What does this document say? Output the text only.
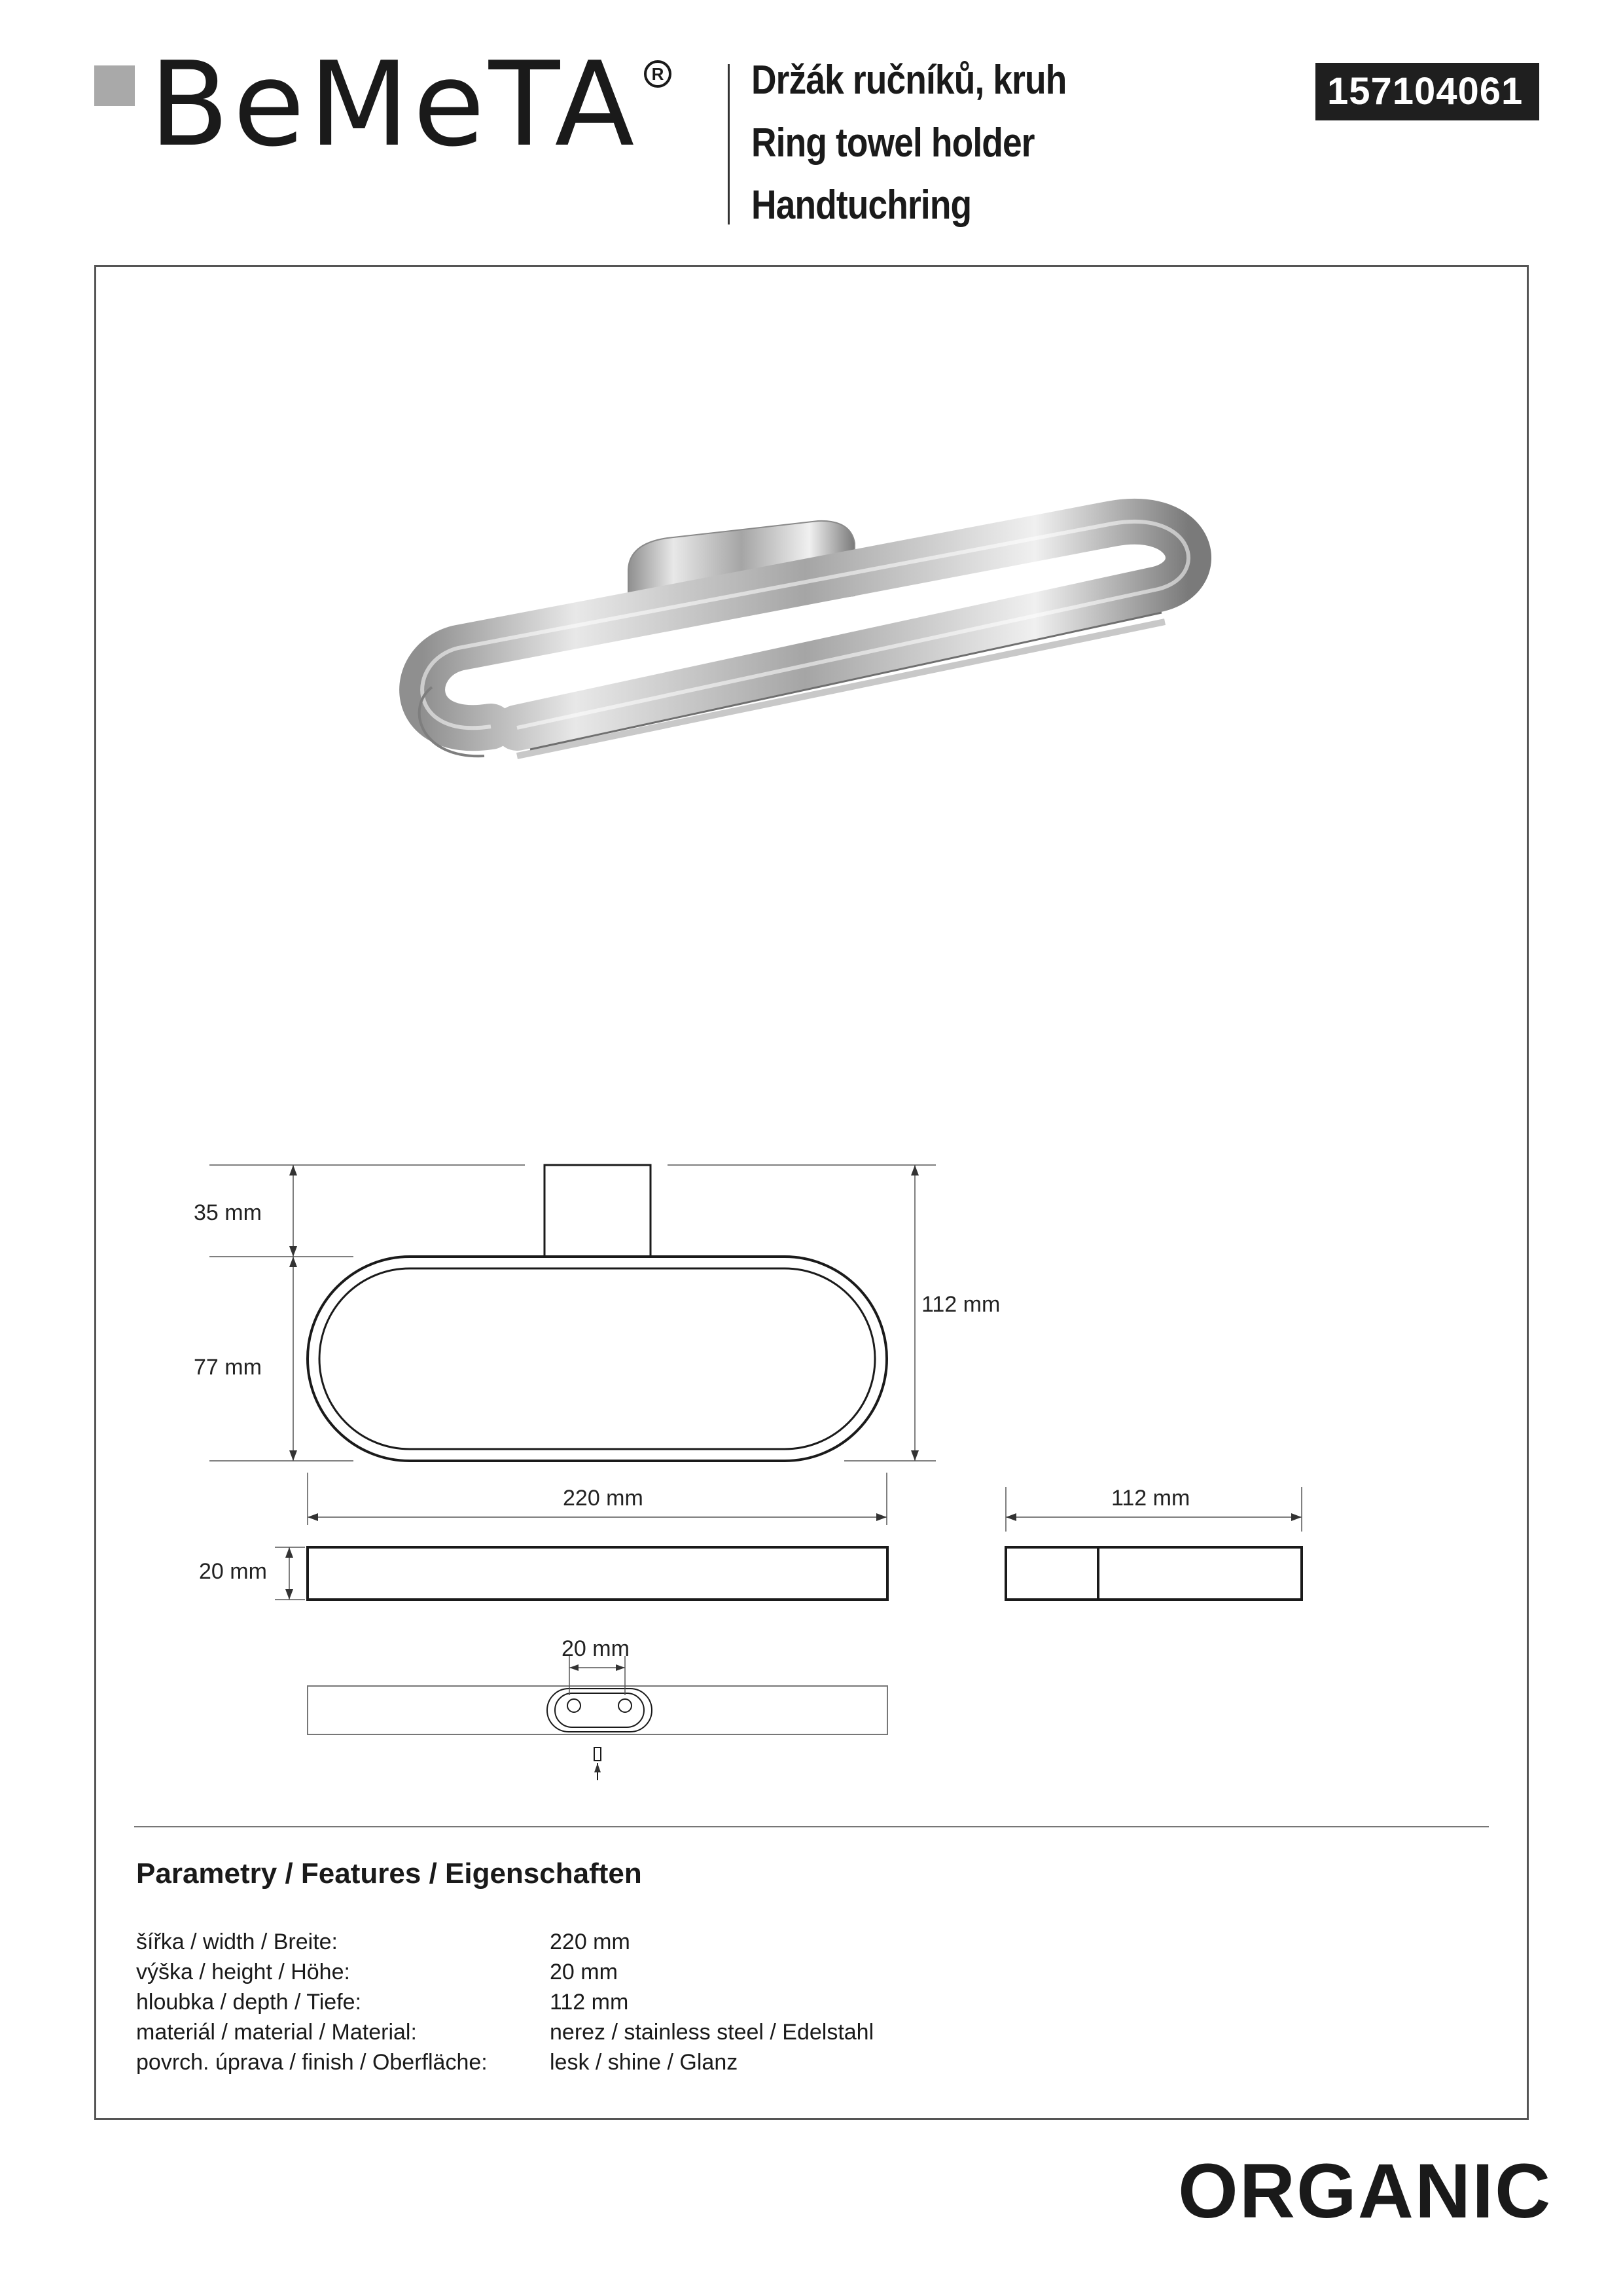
BeMeTA R Držák ručníků, kruh
Ring towel holder
Handtuchring
157104061
35 mm
77 mm
112 mm
220 mm	112 mm
20 mm
20 mm
Parametry / Features / Eigenschaften
šířka / width / Breite:	220 mm
výška / height / Höhe:	20 mm
hloubka / depth / Tiefe:	112 mm
materiál / material / Material:	nerez / stainless steel / Edelstahl
povrch. úprava / finish / Oberfläche:	lesk / shine / Glanz
ORGANIC
